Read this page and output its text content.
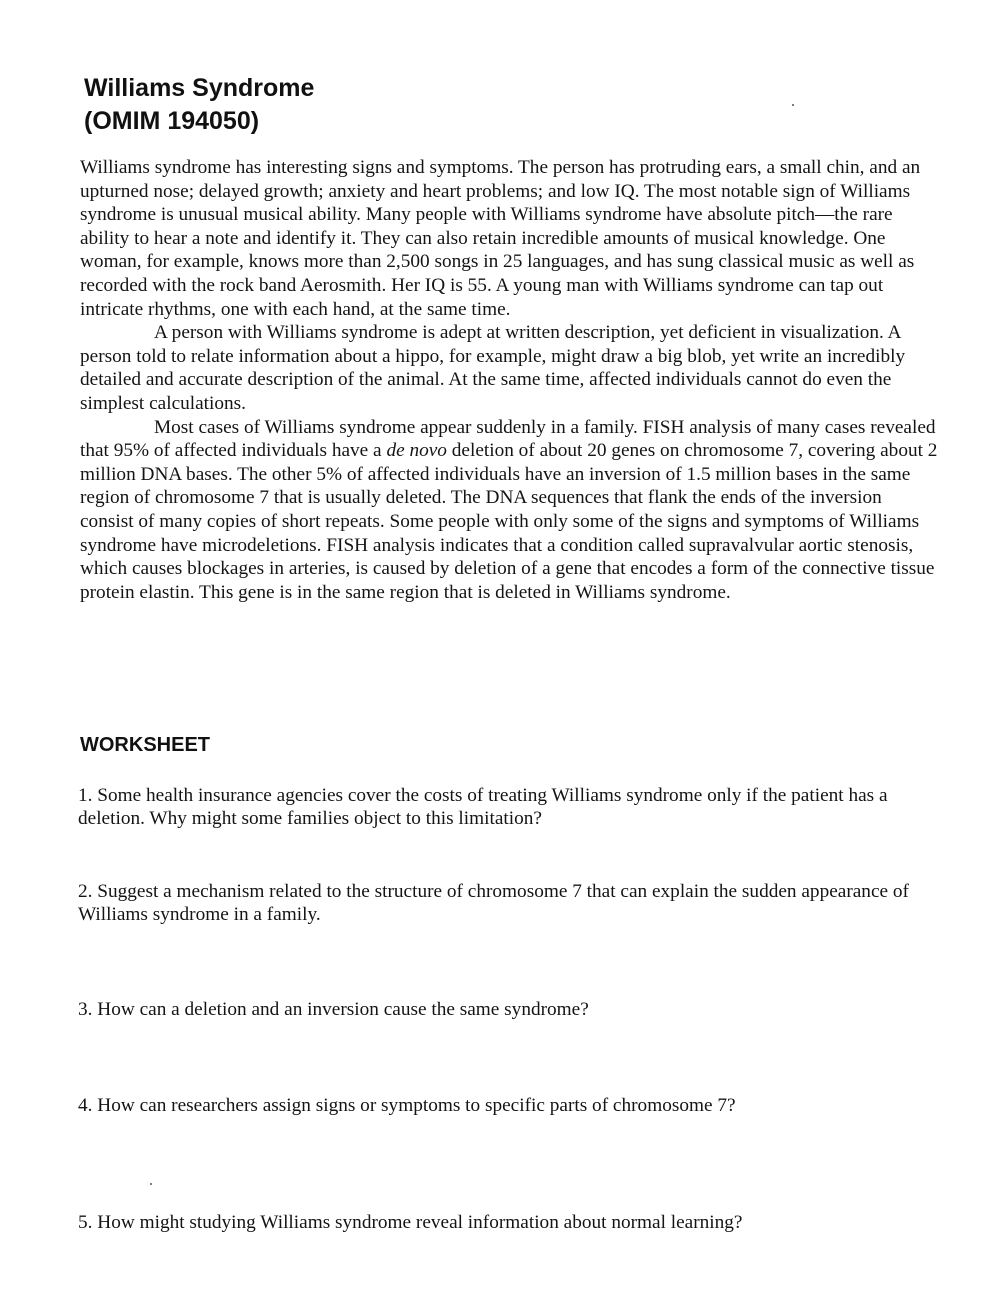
Williams Syndrome
(OMIM 194050)

Williams syndrome has interesting signs and symptoms. The person has protruding ears, a small chin, and an upturned nose; delayed growth; anxiety and heart problems; and low IQ. The most notable sign of Williams syndrome is unusual musical ability. Many people with Williams syndrome have absolute pitch—the rare ability to hear a note and identify it. They can also retain incredible amounts of musical knowledge. One woman, for example, knows more than 2,500 songs in 25 languages, and has sung classical music as well as recorded with the rock band Aerosmith. Her IQ is 55. A young man with Williams syndrome can tap out intricate rhythms, one with each hand, at the same time.

A person with Williams syndrome is adept at written description, yet deficient in visualization. A person told to relate information about a hippo, for example, might draw a big blob, yet write an incredibly detailed and accurate description of the animal. At the same time, affected individuals cannot do even the simplest calculations.

Most cases of Williams syndrome appear suddenly in a family. FISH analysis of many cases revealed that 95% of affected individuals have a de novo deletion of about 20 genes on chromosome 7, covering about 2 million DNA bases. The other 5% of affected individuals have an inversion of 1.5 million bases in the same region of chromosome 7 that is usually deleted. The DNA sequences that flank the ends of the inversion consist of many copies of short repeats. Some people with only some of the signs and symptoms of Williams syndrome have microdeletions. FISH analysis indicates that a condition called supravalvular aortic stenosis, which causes blockages in arteries, is caused by deletion of a gene that encodes a form of the connective tissue protein elastin. This gene is in the same region that is deleted in Williams syndrome.

WORKSHEET

1. Some health insurance agencies cover the costs of treating Williams syndrome only if the patient has a deletion. Why might some families object to this limitation?

2. Suggest a mechanism related to the structure of chromosome 7 that can explain the sudden appearance of Williams syndrome in a family.

3. How can a deletion and an inversion cause the same syndrome?

4. How can researchers assign signs or symptoms to specific parts of chromosome 7?

5. How might studying Williams syndrome reveal information about normal learning?
